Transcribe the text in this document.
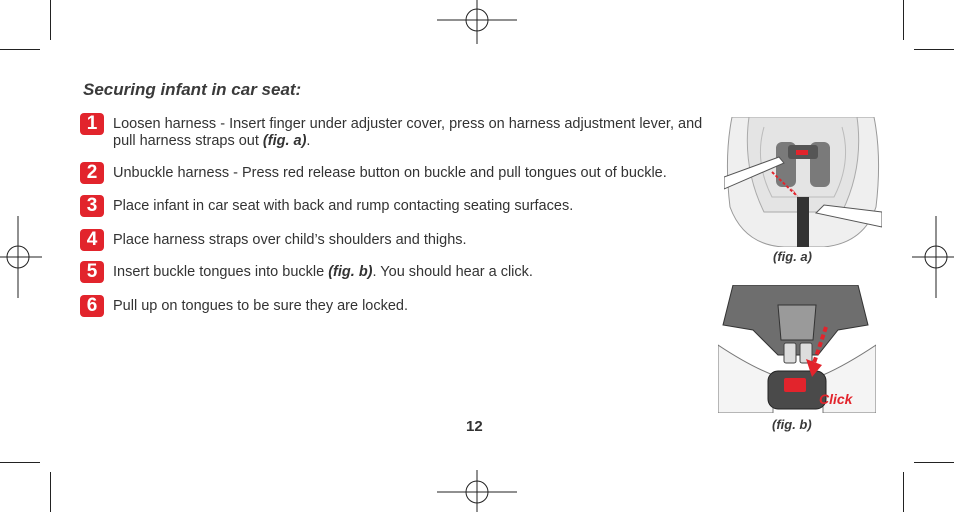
Securing infant in car seat:
1	Loosen harness - Insert finger under adjuster cover, press on harness adjustment lever, and pull harness straps out (fig. a).
2	Unbuckle harness - Press red release button on buckle and pull tongues out of buckle.
3	Place infant in car seat with back and rump contacting seating surfaces.
4	Place harness straps over child’s shoulders and thighs.
5	Insert buckle tongues into buckle (fig. b). You should hear a click.
6	Pull up on tongues to be sure they are locked.
(fig. a)
Click
(fig. b)
12
